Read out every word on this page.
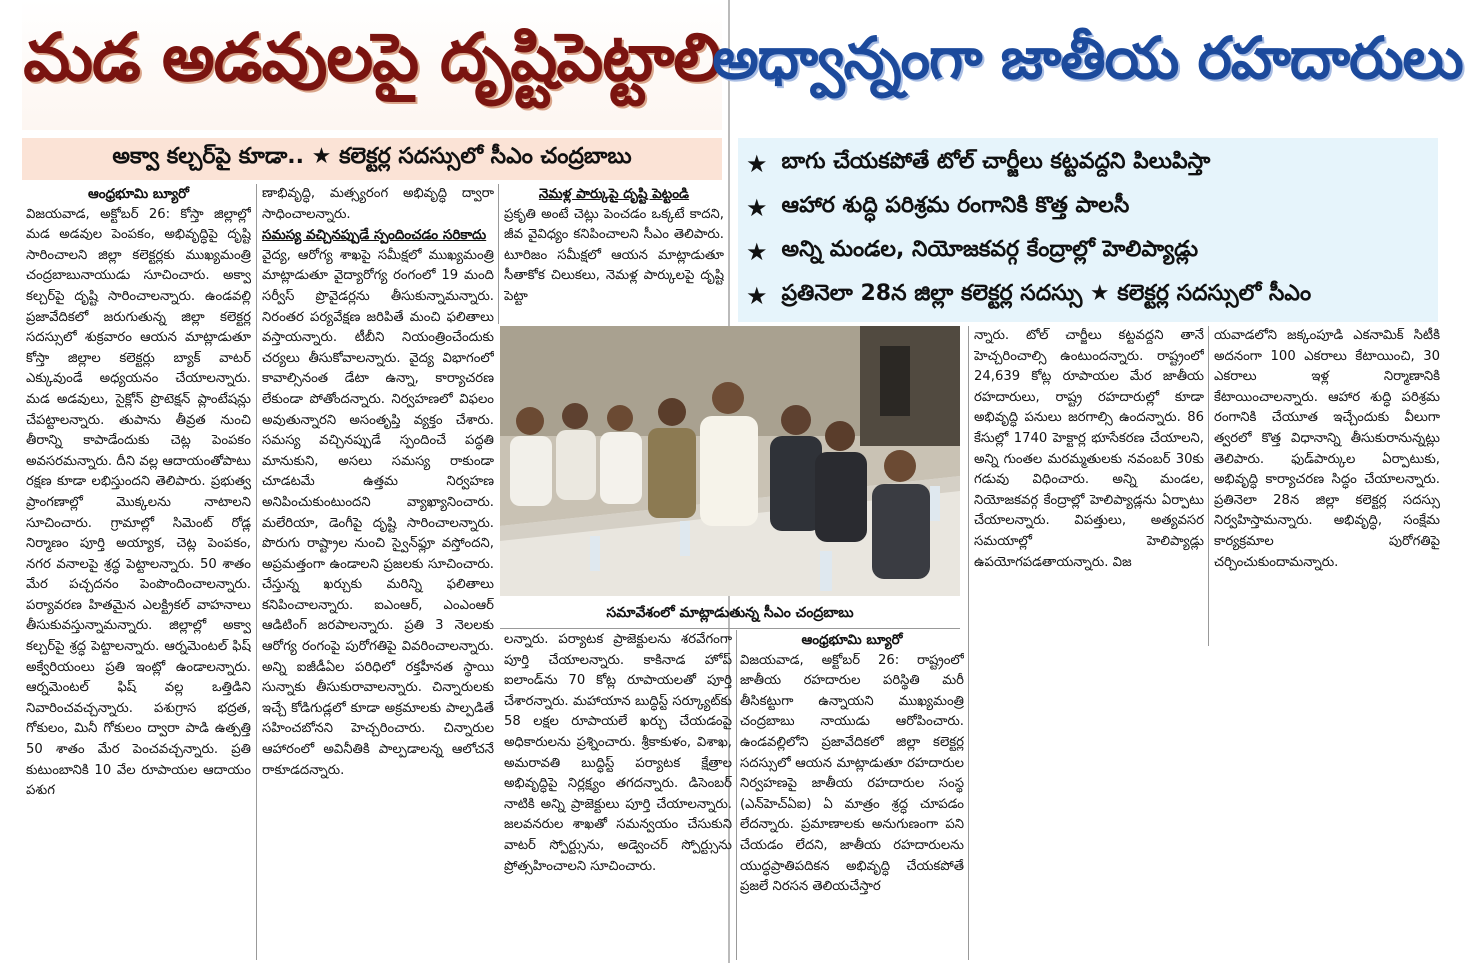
మడ అడవులపై దృష్టిపెట్టాలి
అధ్వాన్నంగా జాతీయ రహదారులు
అక్వా కల్చర్‌పై కూడా.. ★ కలెక్టర్ల సదస్సులో సీఎం చంద్రబాబు	★ బాగు చేయకపోతే టోల్ చార్జీలు కట్టవద్దని పిలుపిస్తా
★ ఆహార శుద్ధి పరిశ్రమ రంగానికి కొత్త పాలసీ
★ అన్ని మండల, నియోజకవర్గ కేంద్రాల్లో హెలిప్యాడ్లు
★ ప్రతినెలా 28న జిల్లా కలెక్టర్ల సదస్సు ★ కలెక్టర్ల సదస్సులో సీఎం
ఆంధ్రభూమి బ్యూరో

విజయవాడ, అక్టోబర్ 26: కోస్తా జిల్లాల్లో మడ అడవుల పెంపకం, అభివృద్ధిపై దృష్టి సారించాలని జిల్లా కలెక్టర్లకు ముఖ్యమంత్రి చంద్రబాబునాయుడు సూచించారు. అక్వా కల్చర్‌పై దృష్టి సారించాలన్నారు. ఉండవల్లి ప్రజావేదికలో జరుగుతున్న జిల్లా కలెక్టర్ల సదస్సులో శుక్రవారం ఆయన మాట్లాడుతూ కోస్తా జిల్లాల కలెక్టర్లు బ్యాక్ వాటర్ ఎక్కువుండే అధ్యయనం చేయాలన్నారు. మడ అడవులు, సైక్లోన్ ప్రొటెక్షన్ ప్లాంటేషన్లు చేపట్టాలన్నారు. తుపాను తీవ్రత నుంచి తీరాన్ని కాపాడేందుకు చెట్ల పెంపకం అవసరమన్నారు. దీని వల్ల ఆదాయంతోపాటు రక్షణ కూడా లభిస్తుందని తెలిపారు. ప్రభుత్వ ప్రాంగణాల్లో మొక్కలను నాటాలని సూచించారు. గ్రామాల్లో సిమెంట్ రోడ్ల నిర్మాణం పూర్తి అయ్యాక, చెట్ల పెంపకం, నగర వనాలపై శ్రద్ధ పెట్టాలన్నారు. 50 శాతం మేర పచ్చదనం పెంపొందించాలన్నారు. పర్యావరణ హితమైన ఎలక్ట్రికల్ వాహనాలు తీసుకువస్తున్నామన్నారు. జిల్లాల్లో అక్వా కల్చర్‌పై శ్రద్ధ పెట్టాలన్నారు. ఆర్నమెంటల్ ఫిష్ అక్వేరియంలు ప్రతి ఇంట్లో ఉండాలన్నారు. ఆర్నమెంటల్ ఫిష్ వల్ల ఒత్తిడిని నివారించవచ్చన్నారు. పశుగ్రాస భద్రత, గోకులం, మినీ గోకులం ద్వారా పాడి ఉత్పత్తి 50 శాతం మేర పెంచవచ్చన్నారు. ప్రతి కుటుంబానికి 10 వేల రూపాయల ఆదాయం పశుగ

ణాభివృద్ధి, మత్స్యరంగ అభివృద్ధి ద్వారా సాధించాలన్నారు.

సమస్య వచ్చినప్పుడే స్పందించడం సరికాదు

వైద్య, ఆరోగ్య శాఖపై సమీక్షలో ముఖ్యమంత్రి మాట్లాడుతూ వైద్యారోగ్య రంగంలో 19 మంది సర్వీస్ ప్రొవైడర్లను తీసుకున్నామన్నారు. నిరంతర పర్యవేక్షణ జరిపితే మంచి ఫలితాలు వస్తాయన్నారు. టీబీని నియంత్రించేందుకు చర్యలు తీసుకోవాలన్నారు. వైద్య విభాగంలో కావాల్సినంత డేటా ఉన్నా, కార్యాచరణ లేకుండా పోతోందన్నారు. నిర్వహణలో విఫలం అవుతున్నారని అసంతృప్తి వ్యక్తం చేశారు. సమస్య వచ్చినప్పుడే స్పందించే పద్ధతి మానుకుని, అసలు సమస్య రాకుండా చూడటమే ఉత్తమ నిర్వహణ అనిపించుకుంటుందని వ్యాఖ్యానించారు. మలేరియా, డెంగీపై దృష్టి సారించాలన్నారు. పొరుగు రాష్ట్రాల నుంచి స్వైన్‌ఫ్లూ వస్తోందని, అప్రమత్తంగా ఉండాలని ప్రజలకు సూచించారు. చేస్తున్న ఖర్చుకు మరిన్ని ఫలితాలు కనిపించాలన్నారు. ఐఎంఆర్, ఎంఎంఆర్ ఆడిటింగ్ జరపాలన్నారు. ప్రతి 3 నెలలకు ఆరోగ్య రంగంపై పురోగతిపై వివరించాలన్నారు. అన్ని ఐజీడీఏల పరిధిలో రక్తహీనత స్థాయి సున్నాకు తీసుకురావాలన్నారు. చిన్నారులకు ఇచ్చే కోడిగుడ్లలో కూడా అక్రమాలకు పాల్పడితే సహించబోనని హెచ్చరించారు. చిన్నారుల ఆహారంలో అవినీతికి పాల్పడాలన్న ఆలోచనే రాకూడదన్నారు.

నెమళ్ల పార్కుపై దృష్టి పెట్టండి

ప్రకృతి అంటే చెట్లు పెంచడం ఒక్కటే కాదని, జీవ వైవిధ్యం కనిపించాలని సీఎం తెలిపారు. టూరిజం సమీక్షలో ఆయన మాట్లాడుతూ సీతాకోక చిలుకలు, నెమళ్ల పార్కులపై దృష్టి పెట్టా

సమావేశంలో మాట్లాడుతున్న సీఎం చంద్రబాబు

లన్నారు. పర్యాటక ప్రాజెక్టులను శరవేగంగా పూర్తి చేయాలన్నారు. కాకినాడ హోప్ ఐలాండ్‌ను 70 కోట్ల రూపాయలతో పూర్తి చేశారన్నారు. మహాయాన బుద్ధిస్ట్ సర్క్యూట్‌కు 58 లక్షల రూపాయలే ఖర్చు చేయడంపై అధికారులను ప్రశ్నించారు. శ్రీకాకుళం, విశాఖ, అమరావతి బుద్ధిస్ట్ పర్యాటక క్షేత్రాల అభివృద్ధిపై నిర్లక్ష్యం తగదన్నారు. డిసెంబర్ నాటికి అన్ని ప్రాజెక్టులు పూర్తి చేయాలన్నారు. జలవనరుల శాఖతో సమన్వయం చేసుకుని వాటర్ స్పోర్ట్సును, అడ్వెంచర్ స్పోర్ట్సును ప్రోత్సహించాలని సూచించారు.

ఆంధ్రభూమి బ్యూరో

విజయవాడ, అక్టోబర్ 26: రాష్ట్రంలో జాతీయ రహదారుల పరిస్థితి మరీ తీసికట్టుగా ఉన్నాయని ముఖ్యమంత్రి చంద్రబాబు నాయుడు ఆరోపించారు. ఉండవల్లిలోని ప్రజావేదికలో జిల్లా కలెక్టర్ల సదస్సులో ఆయన మాట్లాడుతూ రహదారుల నిర్వహణపై జాతీయ రహదారుల సంస్థ (ఎన్‌హెచ్‌ఏఐ) ఏ మాత్రం శ్రద్ధ చూపడం లేదన్నారు. ప్రమాణాలకు అనుగుణంగా పని చేయడం లేదని, జాతీయ రహదారులను యుద్ధప్రాతిపదికన అభివృద్ధి చేయకపోతే ప్రజలే నిరసన తెలియచేస్తార

న్నారు. టోల్ చార్జీలు కట్టవద్దని తానే హెచ్చరించాల్సి ఉంటుందన్నారు. రాష్ట్రంలో 24,639 కోట్ల రూపాయల మేర జాతీయ రహదారులు, రాష్ట్ర రహదారుల్లో కూడా అభివృద్ధి పనులు జరగాల్సి ఉందన్నారు. 86 కేసుల్లో 1740 హెక్టార్ల భూసేకరణ చేయాలని, అన్ని గుంతల మరమ్మతులకు నవంబర్ 30కు గడువు విధించారు. అన్ని మండల, నియోజకవర్గ కేంద్రాల్లో హెలిప్యాడ్లను ఏర్పాటు చేయాలన్నారు. విపత్తులు, అత్యవసర సమయాల్లో హెలిప్యాడ్లు ఉపయోగపడతాయన్నారు. విజ

యవాడలోని జక్కంపూడి ఎకనామిక్ సిటీకి అదనంగా 100 ఎకరాలు కేటాయించి, 30 ఎకరాలు ఇళ్ల నిర్మాణానికి కేటాయించాలన్నారు. ఆహార శుద్ధి పరిశ్రమ రంగానికి చేయూత ఇచ్చేందుకు వీలుగా త్వరలో కొత్త విధానాన్ని తీసుకురానున్నట్లు తెలిపారు. ఫుడ్‌పార్కుల ఏర్పాటుకు, అభివృద్ధి కార్యాచరణ సిద్ధం చేయాలన్నారు. ప్రతినెలా 28న జిల్లా కలెక్టర్ల సదస్సు నిర్వహిస్తామన్నారు. అభివృద్ధి, సంక్షేమ కార్యక్రమాల పురోగతిపై చర్చించుకుందామన్నారు.
